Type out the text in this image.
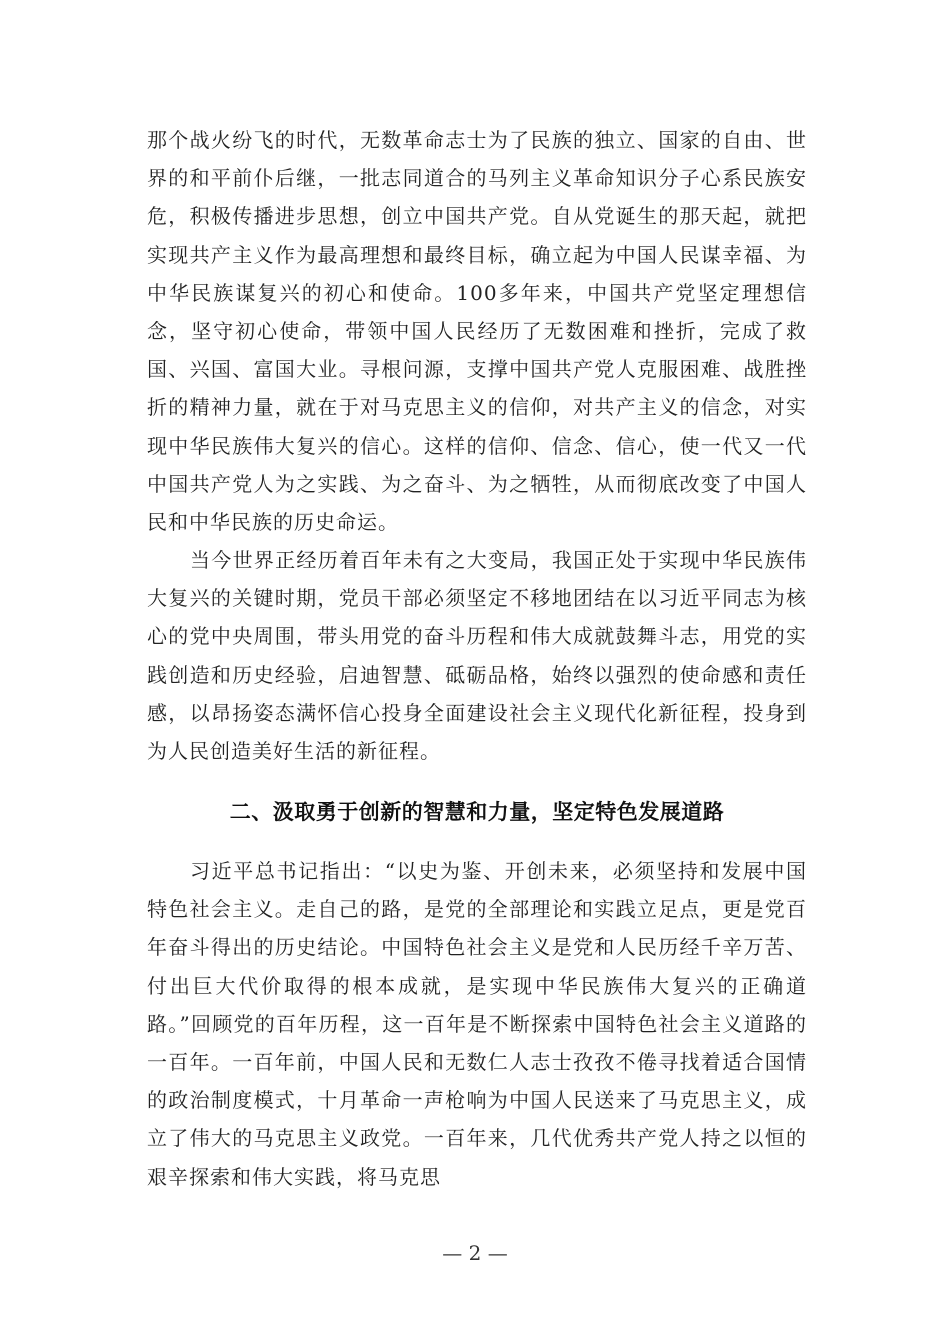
那个战火纷飞的时代，无数革命志士为了民族的独立、国家的自由、世界的和平前仆后继，一批志同道合的马列主义革命知识分子心系民族安危，积极传播进步思想，创立中国共产党。自从党诞生的那天起，就把实现共产主义作为最高理想和最终目标，确立起为中国人民谋幸福、为中华民族谋复兴的初心和使命。100多年来，中国共产党坚定理想信念，坚守初心使命，带领中国人民经历了无数困难和挫折，完成了救国、兴国、富国大业。寻根问源，支撑中国共产党人克服困难、战胜挫折的精神力量，就在于对马克思主义的信仰，对共产主义的信念，对实现中华民族伟大复兴的信心。这样的信仰、信念、信心，使一代又一代中国共产党人为之实践、为之奋斗、为之牺牲，从而彻底改变了中国人民和中华民族的历史命运。

当今世界正经历着百年未有之大变局，我国正处于实现中华民族伟大复兴的关键时期，党员干部必须坚定不移地团结在以习近平同志为核心的党中央周围，带头用党的奋斗历程和伟大成就鼓舞斗志，用党的实践创造和历史经验，启迪智慧、砥砺品格，始终以强烈的使命感和责任感，以昂扬姿态满怀信心投身全面建设社会主义现代化新征程，投身到为人民创造美好生活的新征程。

二、汲取勇于创新的智慧和力量，坚定特色发展道路

习近平总书记指出：“以史为鉴、开创未来，必须坚持和发展中国特色社会主义。走自己的路，是党的全部理论和实践立足点，更是党百年奋斗得出的历史结论。中国特色社会主义是党和人民历经千辛万苦、付出巨大代价取得的根本成就，是实现中华民族伟大复兴的正确道路。”回顾党的百年历程，这一百年是不断探索中国特色社会主义道路的一百年。一百年前，中国人民和无数仁人志士孜孜不倦寻找着适合国情的政治制度模式，十月革命一声枪响为中国人民送来了马克思主义，成立了伟大的马克思主义政党。一百年来，几代优秀共产党人持之以恒的艰辛探索和伟大实践，将马克思

— 2 —
